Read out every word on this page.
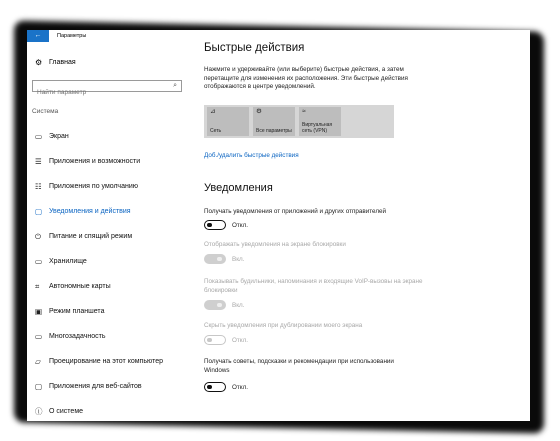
←	Параметры
⚙ Главная
Найти параметр
⌕
Система
▭ Экран
☰	Приложения и возможности
☷	Приложения по умолчанию
▢ Уведомления и действия
⏻	Питание и спящий режим
▭ Хранилище
⌗	Автономные карты
▣ Режим планшета
▭ Многозадачность
▱	Проецирование на этот компьютер
▢ Приложения для веб-сайтов
ⓘ О системе
Быстрые действия
Нажмите и удерживайте (или выберите) быстрые действия, а затем перетащите для изменения их расположения. Эти быстрые действия отображаются в центре уведомлений.
⊿
Сеть
⚙
Все параметры
≈
Виртуальная сеть (VPN)
Доб./удалить быстрые действия
Уведомления
Получать уведомления от приложений и других отправителей
Откл.
Отображать уведомления на экране блокировки
Вкл.
Показывать будильники, напоминания и входящие VoIP-вызовы на экране блокировки
Вкл.
Скрыть уведомления при дублировании моего экрана
Откл.
Получать советы, подсказки и рекомендации при использовании Windows
Откл.
